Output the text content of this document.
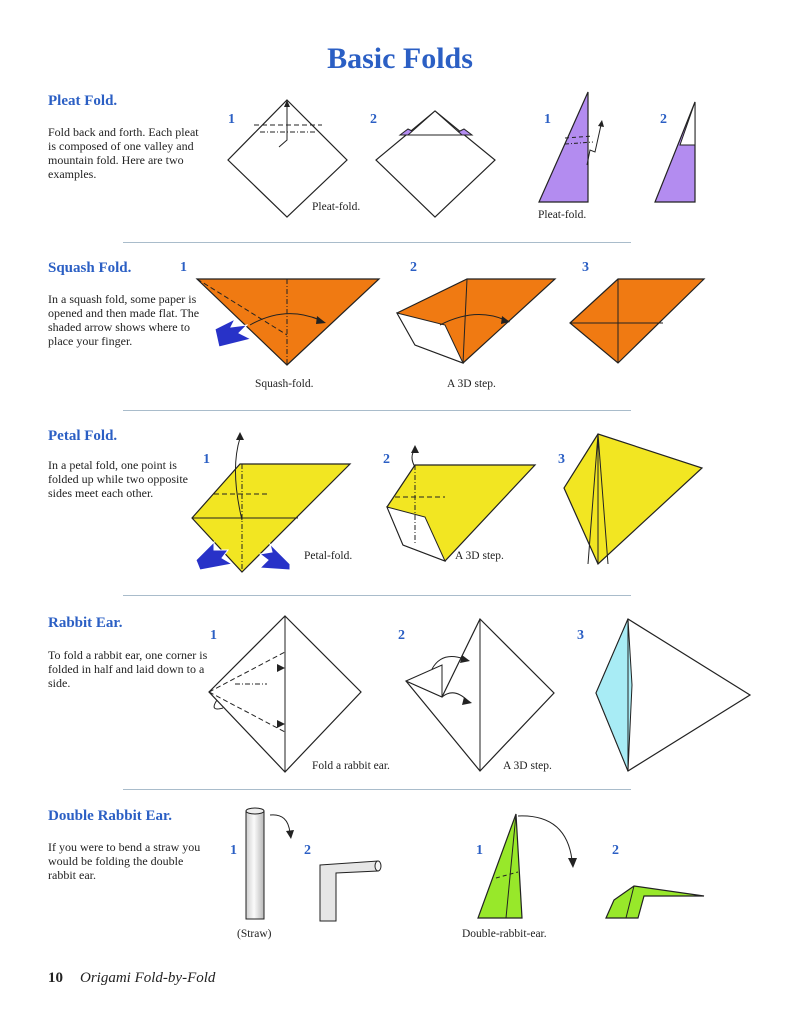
Basic Folds
Pleat Fold.
Fold back and forth. Each pleat is composed of one valley and mountain fold. Here are two examples.
1	2	1	2
Pleat-fold.
Pleat-fold.
Squash Fold.
In a squash fold, some paper is opened and then made flat. The shaded arrow shows where to place your finger.
1	2	3
Squash-fold.	A 3D step.
Petal Fold.
In a petal fold, one point is folded up while two opposite sides meet each other.
1	2	3
Petal-fold.	A 3D step.
Rabbit Ear.
To fold a rabbit ear, one corner is folded in half and laid down to a side.
1	2	3
Fold a rabbit ear.	A 3D step.
Double Rabbit Ear.
If you were to bend a straw you would be folding the double rabbit ear.
1	2	1	2
(Straw)	Double-rabbit-ear.
10 Origami Fold-by-Fold
